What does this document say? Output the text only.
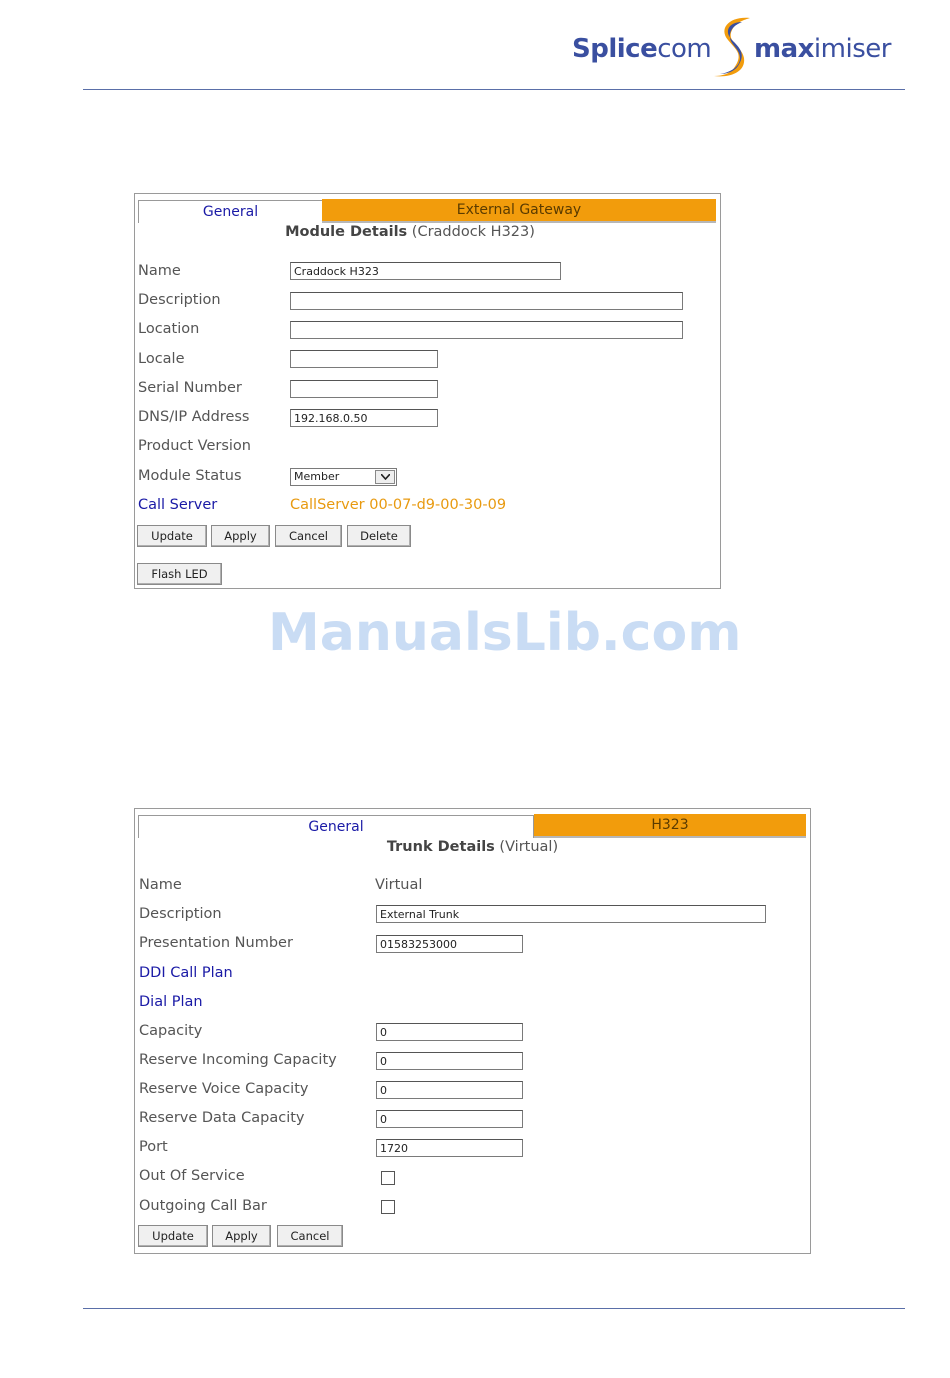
Splicecom maximiser
General	External Gateway
Module Details (Craddock H323)
Name	Craddock H323
Description
Location
Locale
Serial Number
DNS/IP Address	192.168.0.50
Product Version
Module Status	Member
Call Server	CallServer 00-07-d9-00-30-09
Update	Apply	Cancel	Delete
Flash LED
ManualsLib.com
General	H323
Trunk Details (Virtual)
Name	Virtual
Description	External Trunk
Presentation Number	01583253000
DDI Call Plan
Dial Plan
Capacity	0
Reserve Incoming Capacity	0
Reserve Voice Capacity	0
Reserve Data Capacity	0
Port	1720
Out Of Service
Outgoing Call Bar
Update	Apply	Cancel
